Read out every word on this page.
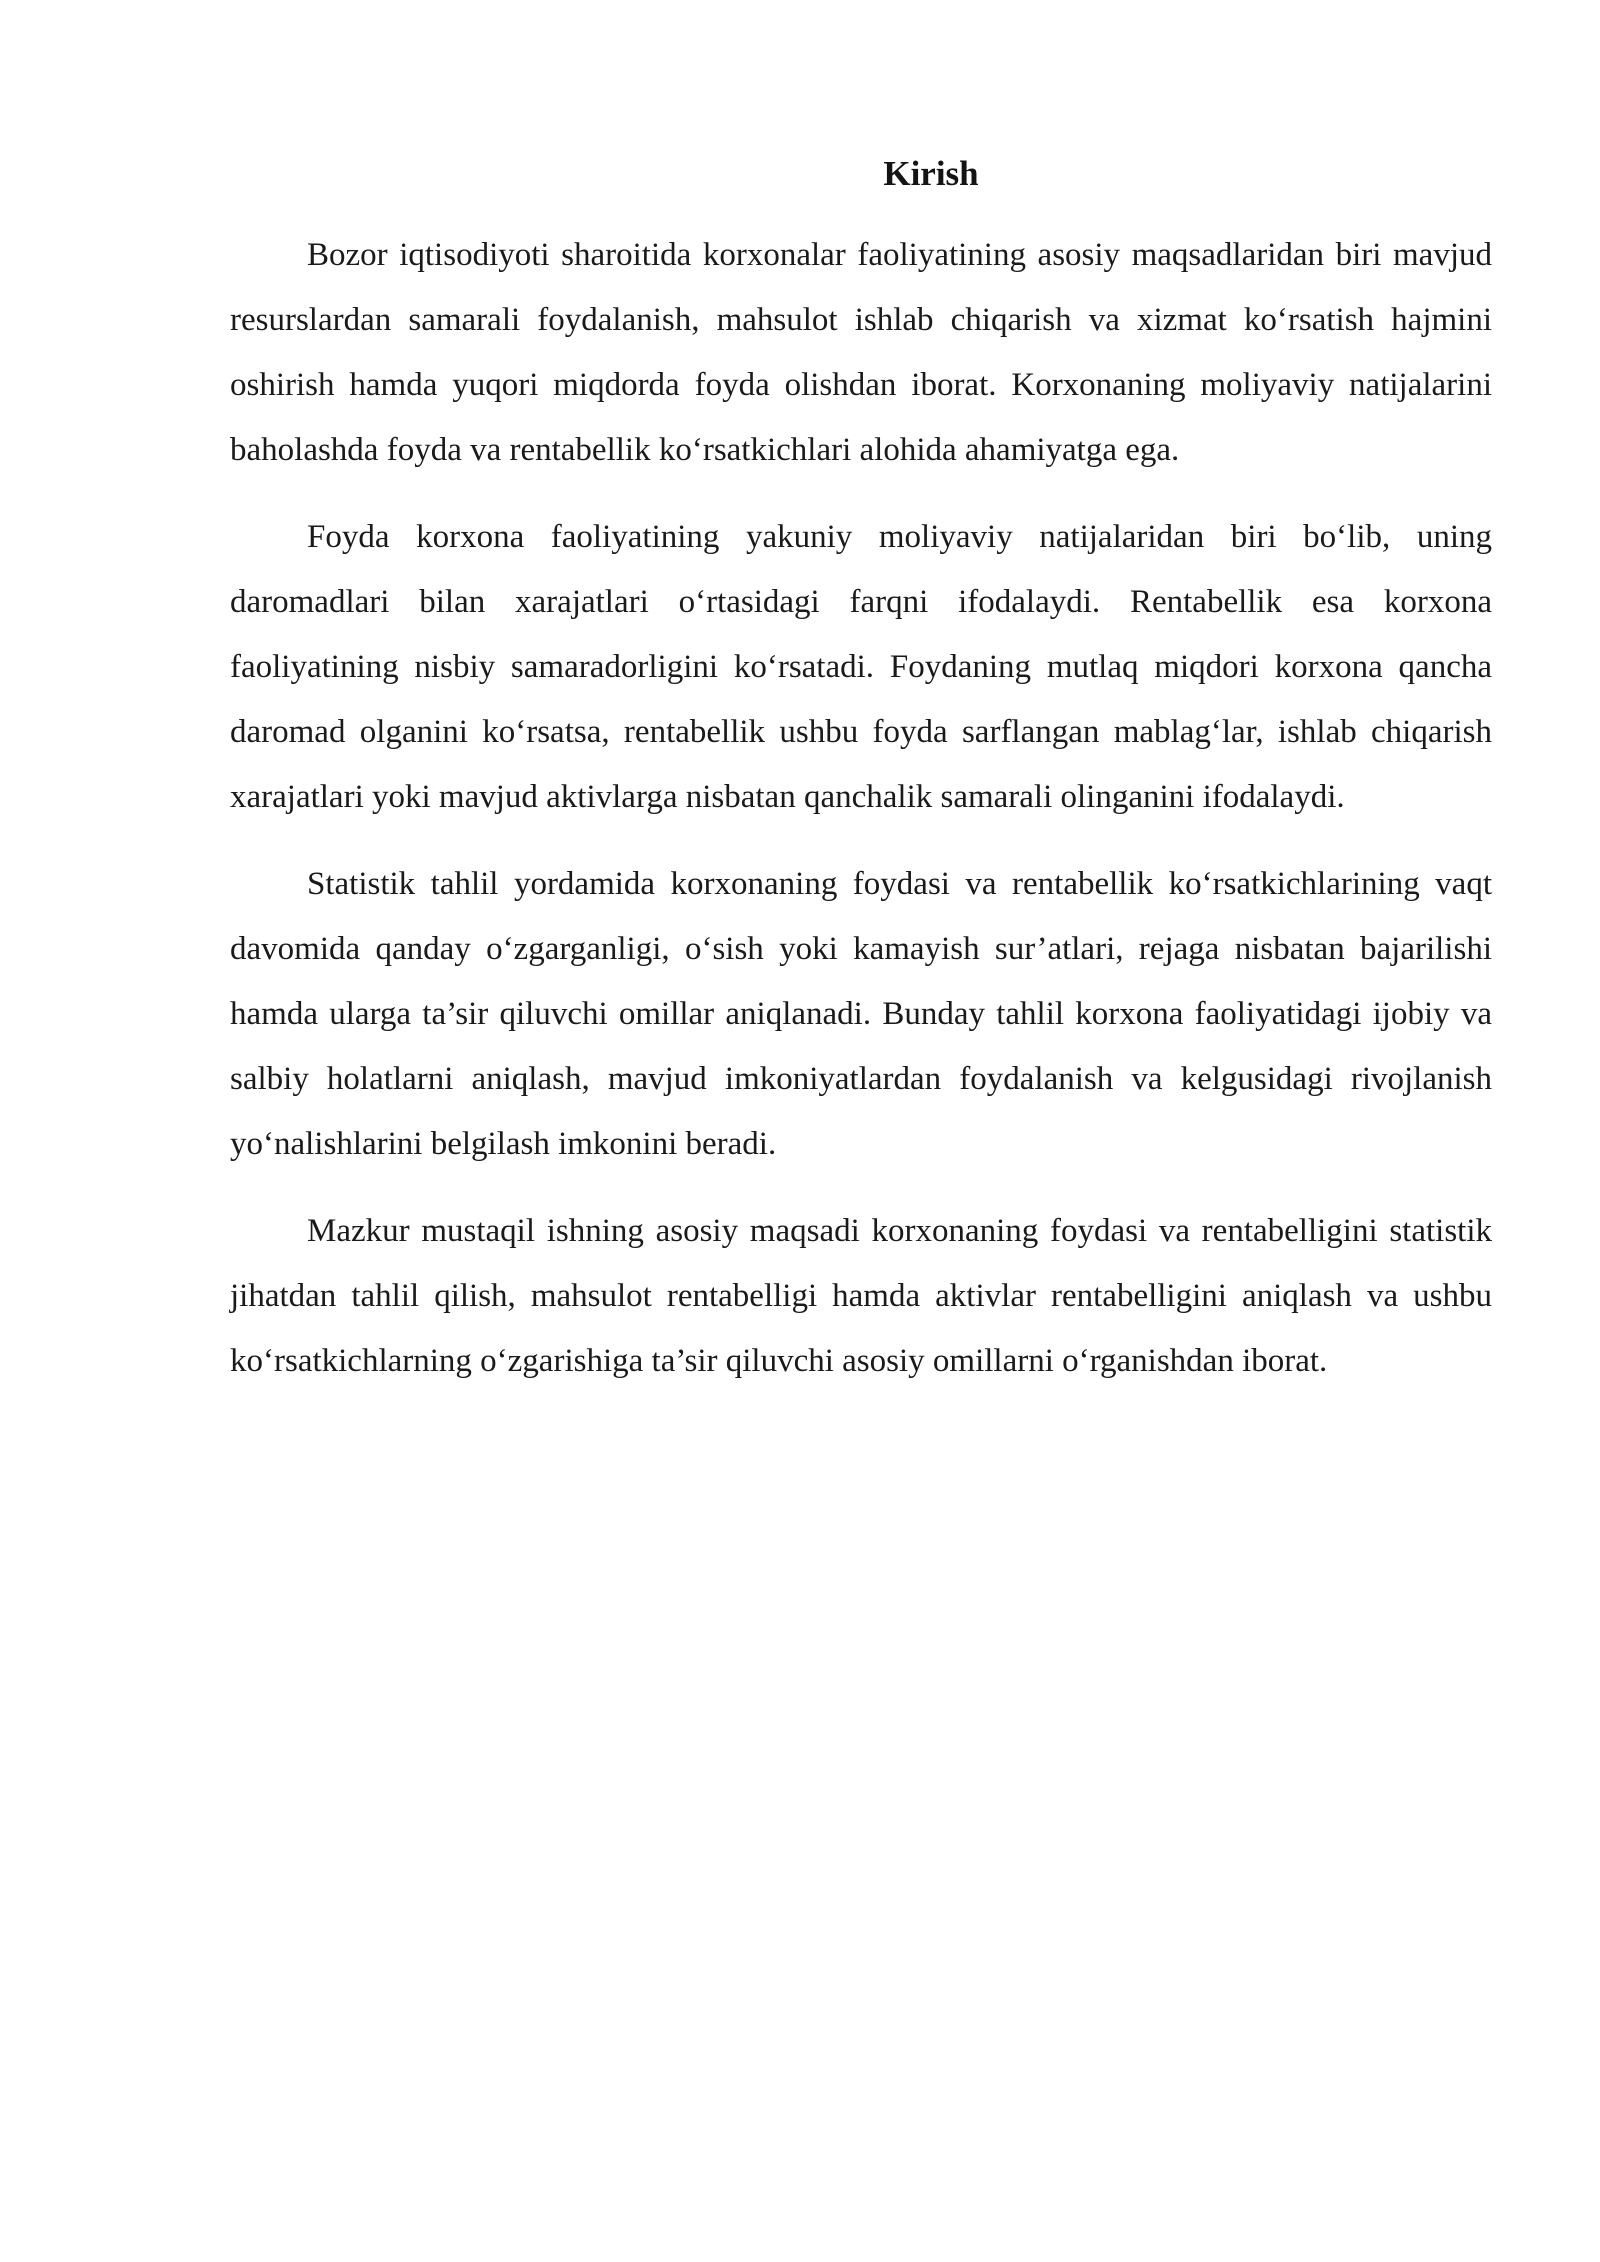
Kirish

Bozor iqtisodiyoti sharoitida korxonalar faoliyatining asosiy maqsadlaridan biri mavjud resurslardan samarali foydalanish, mahsulot ishlab chiqarish va xizmat ko‘rsatish hajmini oshirish hamda yuqori miqdorda foyda olishdan iborat. Korxonaning moliyaviy natijalarini baholashda foyda va rentabellik ko‘rsatkichlari alohida ahamiyatga ega.

Foyda korxona faoliyatining yakuniy moliyaviy natijalaridan biri bo‘lib, uning daromadlari bilan xarajatlari o‘rtasidagi farqni ifodalaydi. Rentabellik esa korxona faoliyatining nisbiy samaradorligini ko‘rsatadi. Foydaning mutlaq miqdori korxona qancha daromad olganini ko‘rsatsa, rentabellik ushbu foyda sarflangan mablag‘lar, ishlab chiqarish xarajatlari yoki mavjud aktivlarga nisbatan qanchalik samarali olinganini ifodalaydi.

Statistik tahlil yordamida korxonaning foydasi va rentabellik ko‘rsatkichlarining vaqt davomida qanday o‘zgarganligi, o‘sish yoki kamayish sur’atlari, rejaga nisbatan bajarilishi hamda ularga ta’sir qiluvchi omillar aniqlanadi. Bunday tahlil korxona faoliyatidagi ijobiy va salbiy holatlarni aniqlash, mavjud imkoniyatlardan foydalanish va kelgusidagi rivojlanish yo‘nalishlarini belgilash imkonini beradi.

Mazkur mustaqil ishning asosiy maqsadi korxonaning foydasi va rentabelligini statistik jihatdan tahlil qilish, mahsulot rentabelligi hamda aktivlar rentabelligini aniqlash va ushbu ko‘rsatkichlarning o‘zgarishiga ta’sir qiluvchi asosiy omillarni o‘rganishdan iborat.
